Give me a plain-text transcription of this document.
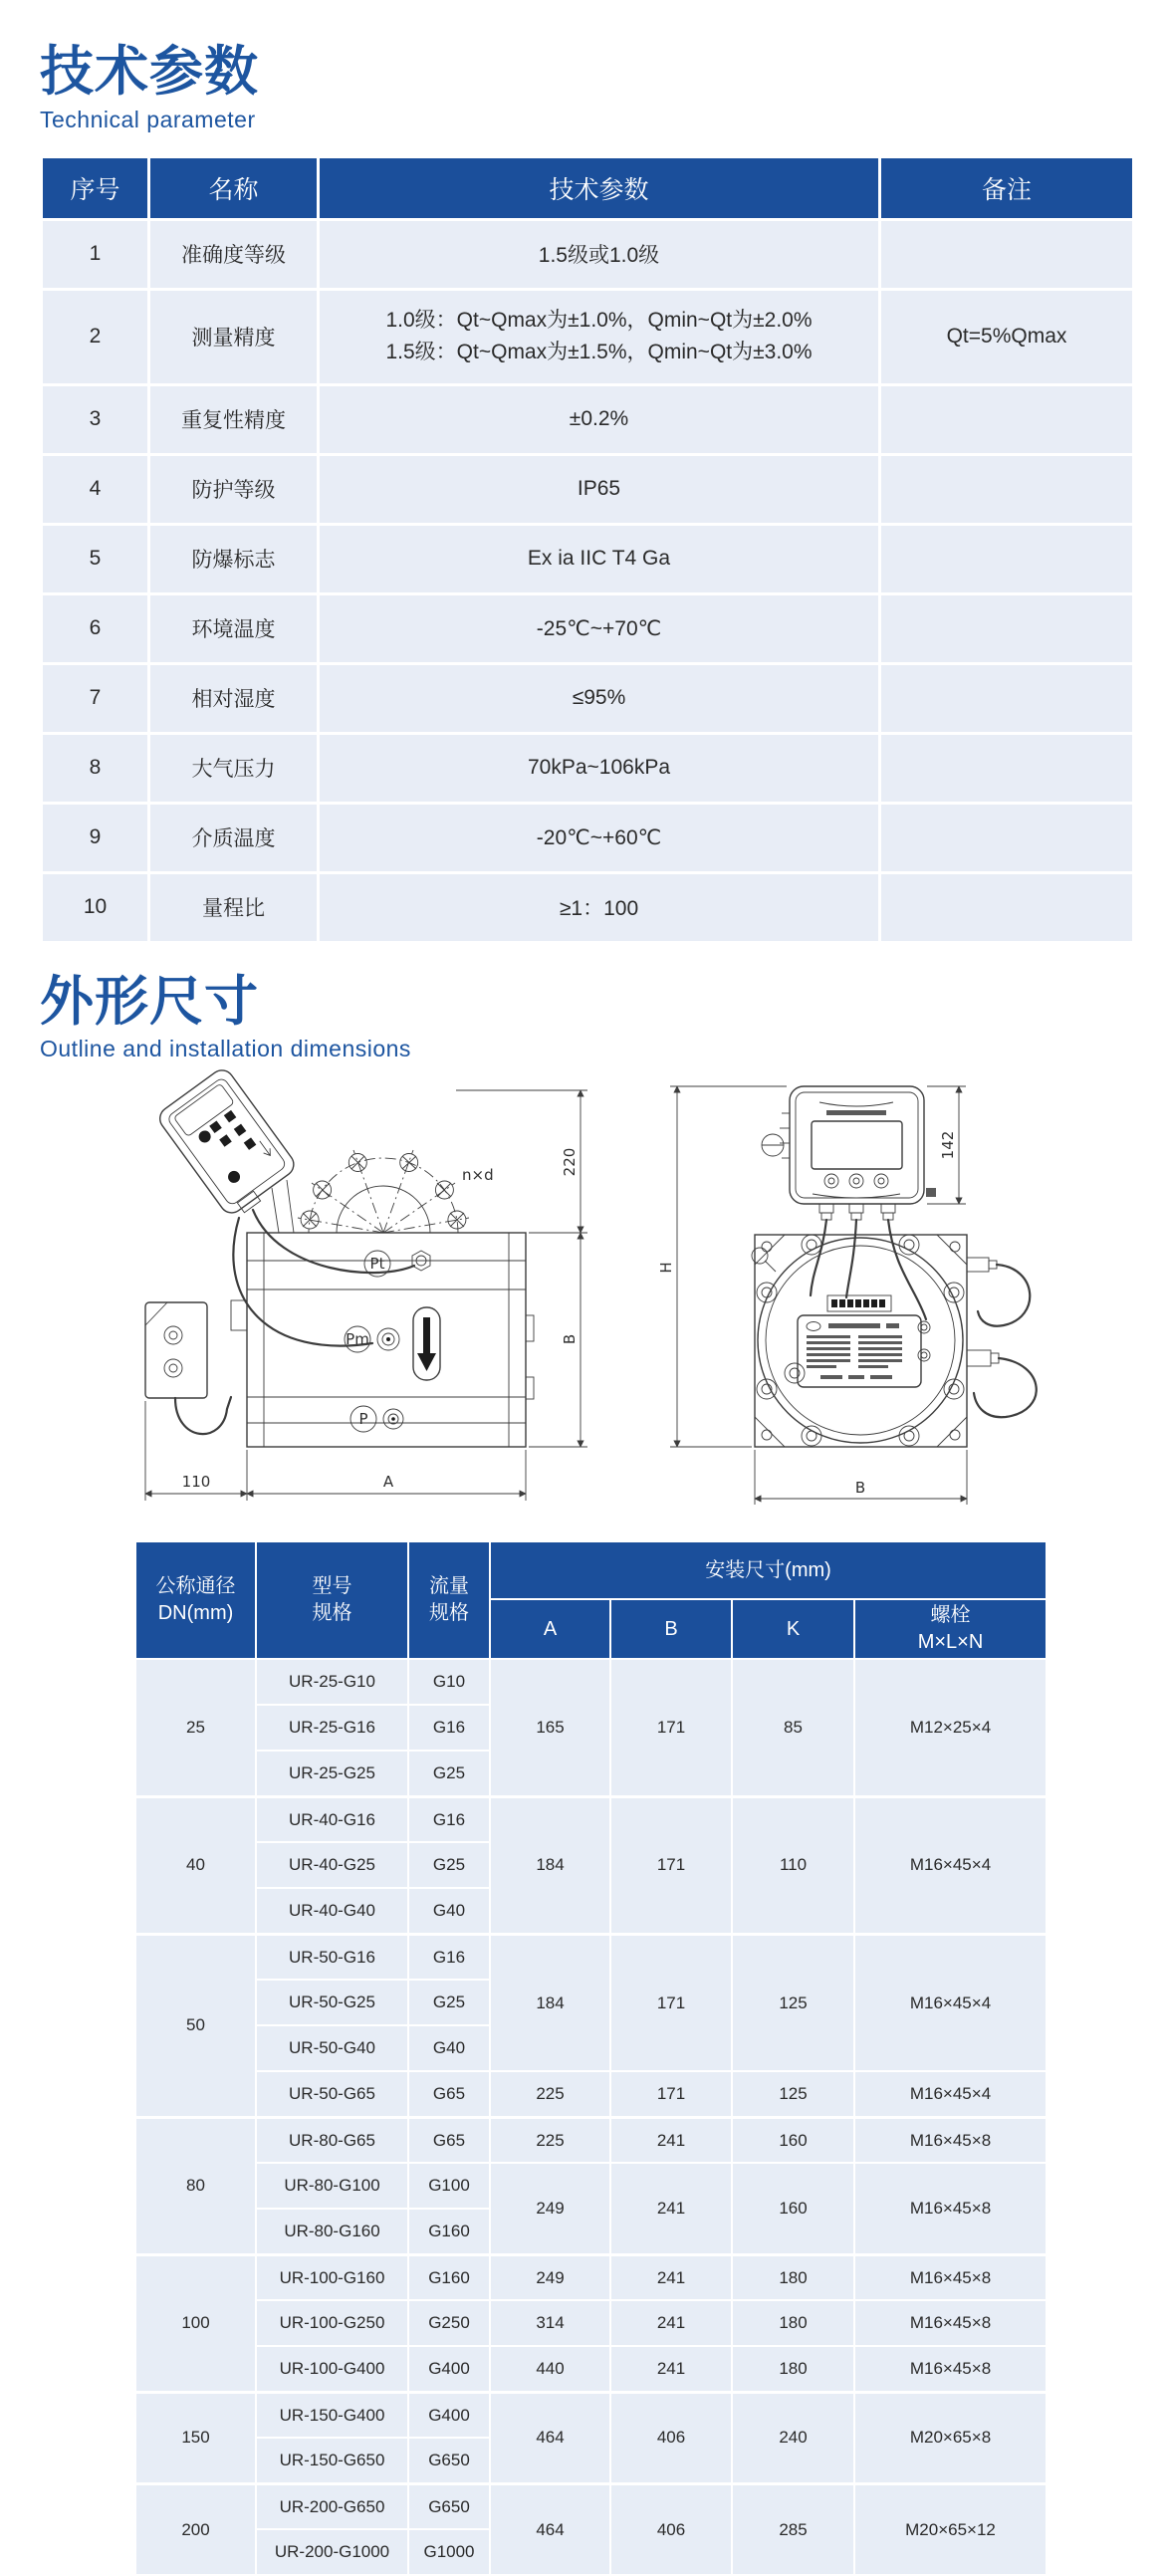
技术参数
Technical parameter
序号	名称	技术参数	备注
1	准确度等级	1.5级或1.0级	
2	测量精度	1.0级：Qt~Qmax为±1.0%，Qmin~Qt为±2.0%
1.5级：Qt~Qmax为±1.5%，Qmin~Qt为±3.0%	Qt=5%Qmax
3	重复性精度	±0.2%	
4	防护等级	IP65	
5	防爆标志	Ex ia IIC T4 Ga	
6	环境温度	-25℃~+70℃	
7	相对湿度	≤95%	
8	大气压力	70kPa~106kPa	
9	介质温度	-20℃~+60℃	
10	量程比	≥1：100	
外形尺寸
Outline and installation dimensions
n×d
Pt
Pm
P
220
B
110	A
H
142
B
公称通径
DN(mm)

型号
规格

流量
规格
	安装尺寸(mm)
			A	B	K	螺栓
M×L×N

25	UR-25-G10	G10	165	171	85	M12×25×4
	UR-25-G16	G16				
	UR-25-G25	G25				
40	UR-40-G16	G16	184	171	110	M16×45×4
	UR-40-G25	G25				
	UR-40-G40	G40				
50	UR-50-G16	G16	184	171	125	M16×45×4
	UR-50-G25	G25				
	UR-50-G40	G40				
	UR-50-G65	G65	225	171	125	M16×45×4
80	UR-80-G65	G65	225	241	160	M16×45×8
	UR-80-G100	G100	249	241	160	M16×45×8
	UR-80-G160	G160				
100	UR-100-G160	G160	249	241	180	M16×45×8
	UR-100-G250	G250	314	241	180	M16×45×8
	UR-100-G400	G400	440	241	180	M16×45×8
150	UR-150-G400	G400	464	406	240	M20×65×8
	UR-150-G650	G650				
200	UR-200-G650	G650	464	406	285	M20×65×12
	UR-200-G1000	G1000				
